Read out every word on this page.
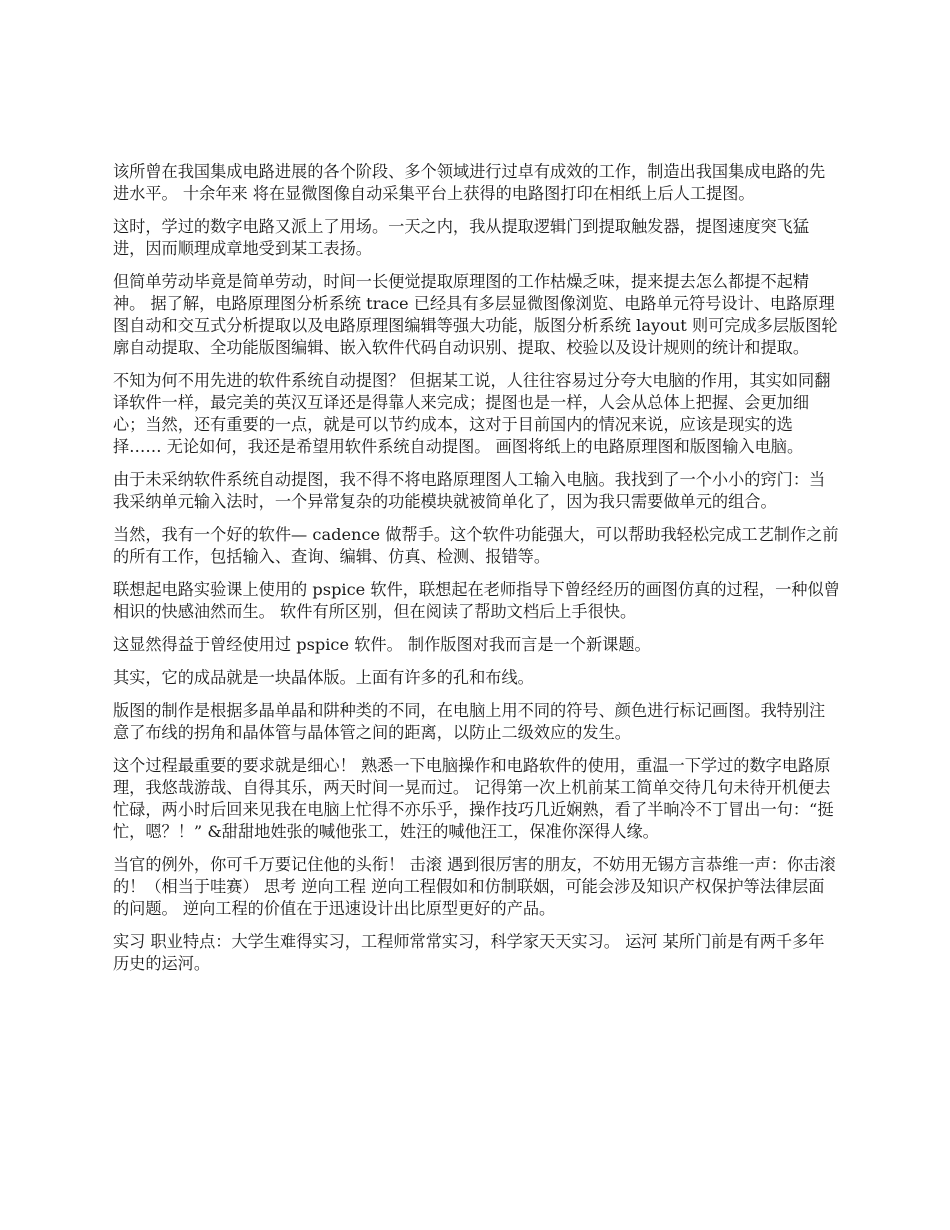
该所曾在我国集成电路进展的各个阶段、多个领域进行过卓有成效的工作，制造出我国集成电路的先进水平。 十余年来 将在显微图像自动采集平台上获得的电路图打印在相纸上后人工提图。

这时，学过的数字电路又派上了用场。一天之内，我从提取逻辑门到提取触发器，提图速度突飞猛进，因而顺理成章地受到某工表扬。

但简单劳动毕竟是简单劳动，时间一长便觉提取原理图的工作枯燥乏味，提来提去怎么都提不起精神。 据了解，电路原理图分析系统 trace 已经具有多层显微图像浏览、电路单元符号设计、电路原理图自动和交互式分析提取以及电路原理图编辑等强大功能，版图分析系统 layout 则可完成多层版图轮廓自动提取、全功能版图编辑、嵌入软件代码自动识别、提取、校验以及设计规则的统计和提取。

不知为何不用先进的软件系统自动提图？ 但据某工说，人往往容易过分夸大电脑的作用，其实如同翻译软件一样，最完美的英汉互译还是得靠人来完成；提图也是一样，人会从总体上把握、会更加细心；当然，还有重要的一点，就是可以节约成本，这对于目前国内的情况来说，应该是现实的选择…… 无论如何，我还是希望用软件系统自动提图。 画图将纸上的电路原理图和版图输入电脑。

由于未采纳软件系统自动提图，我不得不将电路原理图人工输入电脑。我找到了一个小小的窍门：当我采纳单元输入法时，一个异常复杂的功能模块就被简单化了，因为我只需要做单元的组合。

当然，我有一个好的软件— cadence 做帮手。这个软件功能强大，可以帮助我轻松完成工艺制作之前的所有工作，包括输入、查询、编辑、仿真、检测、报错等。

联想起电路实验课上使用的 pspice 软件，联想起在老师指导下曾经经历的画图仿真的过程，一种似曾相识的快感油然而生。 软件有所区别，但在阅读了帮助文档后上手很快。

这显然得益于曾经使用过 pspice 软件。 制作版图对我而言是一个新课题。

其实，它的成品就是一块晶体版。上面有许多的孔和布线。

版图的制作是根据多晶单晶和阱种类的不同，在电脑上用不同的符号、颜色进行标记画图。我特别注意了布线的拐角和晶体管与晶体管之间的距离，以防止二级效应的发生。

这个过程最重要的要求就是细心！ 熟悉一下电脑操作和电路软件的使用，重温一下学过的数字电路原理，我悠哉游哉、自得其乐，两天时间一晃而过。 记得第一次上机前某工简单交待几句未待开机便去忙碌，两小时后回来见我在电脑上忙得不亦乐乎，操作技巧几近娴熟，看了半晌冷不丁冒出一句：“挺忙，嗯？！” &甜甜地姓张的喊他张工，姓汪的喊他汪工，保准你深得人缘。

当官的例外，你可千万要记住他的头衔！ 击滚 遇到很厉害的朋友，不妨用无锡方言恭维一声：你击滚的！（相当于哇赛） 思考 逆向工程 逆向工程假如和仿制联姻，可能会涉及知识产权保护等法律层面的问题。 逆向工程的价值在于迅速设计出比原型更好的产品。

实习 职业特点：大学生难得实习，工程师常常实习，科学家天天实习。 运河 某所门前是有两千多年历史的运河。
